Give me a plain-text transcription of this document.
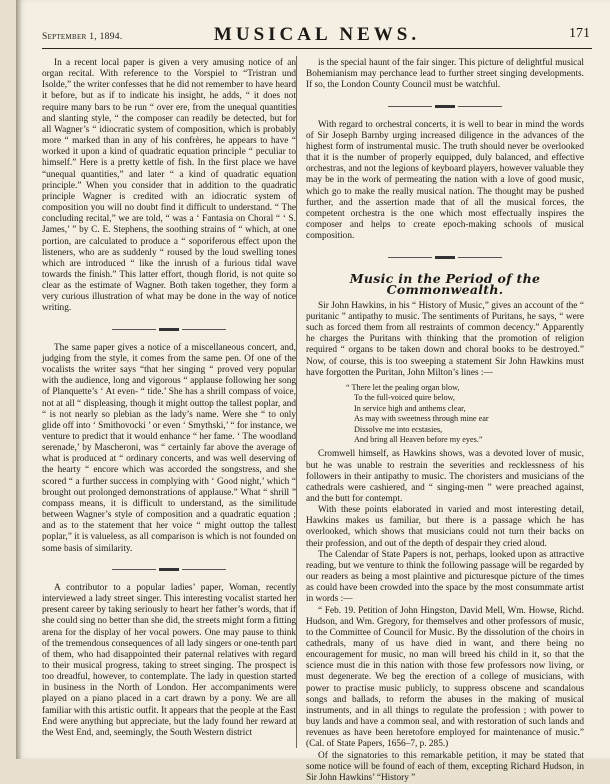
September 1, 1894.	MUSICAL NEWS.	171

In a recent local paper is given a very amusing notice of an organ recital. With reference to the Vorspiel to “Tristran und Isolde,” the writer confesses that he did not remember to have heard it before, but as if to indicate his insight, he adds, “ it does not require many bars to be run “ over ere, from the unequal quantities and slanting style, “ the composer can readily be detected, but for all Wagner’s “ idiocratic system of composition, which is probably more “ marked than in any of his confrères, he appears to have “ worked it upon a kind of quadratic equation principle “ peculiar to himself.” Here is a pretty kettle of fish. In the first place we have “unequal quantities,” and later “ a kind of quadratic equation principle.” When you consider that in addition to the quadratic principle Wagner is credited with an idiocratic system of composition you will no doubt find it difficult to understand. “ The concluding recital,” we are told, “ was a ‘ Fantasia on Choral “ ‘ S. James,’ ” by C. E. Stephens, the soothing strains of “ which, at one portion, are calculated to produce a “ soporiferous effect upon the listeners, who are as suddenly “ roused by the loud swelling tones which are introduced “ like the inrush of a furious tidal wave towards the finish.” This latter effort, though florid, is not quite so clear as the estimate of Wagner. Both taken together, they form a very curious illustration of what may be done in the way of notice writing.

The same paper gives a notice of a miscellaneous concert, and, judging from the style, it comes from the same pen. Of one of the vocalists the writer says “that her singing “ proved very popular with the audience, long and vigorous “ applause following her song of Planquette’s ‘ At even- “ tide.’ She has a shrill compass of voice, not at all “ displeasing, though it might outtop the tallest poplar, and “ is not nearly so plebian as the lady’s name. Were she “ to only glide off into ‘ Smithovocki ’ or even ‘ Smythski,’ “ for instance, we venture to predict that it would enhance “ her fame. ‘ The woodland serenade,’ by Mascheroni, was “ certainly far above the average of what is produced at “ ordinary concerts, and was well deserving of the hearty “ encore which was accorded the songstress, and she scored “ a further success in complying with ‘ Good night,’ which “ brought out prolonged demonstrations of applause.” What “ shrill ” compass means, it is difficult to understand, as the similitude between Wagner’s style of composition and a quadratic equation ; and as to the statement that her voice “ might outtop the tallest poplar,” it is valueless, as all comparison is which is not founded on some basis of similarity.

A contributor to a popular ladies’ paper, Woman, recently interviewed a lady street singer. This interesting vocalist started her present career by taking seriously to heart her father’s words, that if she could sing no better than she did, the streets might form a fitting arena for the display of her vocal powers. One may pause to think of the tremendous consequences of all lady singers or one-tenth part of them, who had disappointed their paternal relatives with regard to their musical progress, taking to street singing. The prospect is too dreadful, however, to contemplate. The lady in question started in business in the North of London. Her accompaniments were played on a piano placed in a cart drawn by a pony. We are all familiar with this artistic outfit. It appears that the people at the East End were anything but appreciate, but the lady found her reward at the West End, and, seemingly, the South Western district

is the special haunt of the fair singer. This picture of delightful musical Bohemianism may perchance lead to further street singing developments. If so, the London County Council must be watchful.

With regard to orchestral concerts, it is well to bear in mind the words of Sir Joseph Barnby urging increased diligence in the advances of the highest form of instrumental music. The truth should never be overlooked that it is the number of properly equipped, duly balanced, and effective orchestras, and not the legions of keyboard players, however valuable they may be in the work of permeating the nation with a love of good music, which go to make the really musical nation. The thought may be pushed further, and the assertion made that of all the musical forces, the competent orchestra is the one which most effectually inspires the composer and helps to create epoch-making schools of musical composition.

Music in the Period of the Commonwealth.

Sir John Hawkins, in his “ History of Music,” gives an account of the “ puritanic ” antipathy to music. The sentiments of Puritans, he says, “ were such as forced them from all restraints of common decency.” Apparently he charges the Puritans with thinking that the promotion of religion required “ organs to be taken down and choral books to be destroyed.” Now, of course, this is too sweeping a statement Sir John Hawkins must have forgotten the Puritan, John Milton’s lines :—

“ There let the pealing organ blow,
To the full-voiced quire below,
In service high and anthems clear,
As may with sweetness through mine ear
Dissolve me into ecstasies,
And bring all Heaven before my eyes.”

Cromwell himself, as Hawkins shows, was a devoted lover of music, but he was unable to restrain the severities and recklessness of his followers in their antipathy to music. The choristers and musicians of the cathedrals were cashiered, and “ singing-men ” were preached against, and the butt for contempt.

With these points elaborated in varied and most interesting detail, Hawkins makes us familiar, but there is a passage which he has overlooked, which shows that musicians could not turn their backs on their profession, and out of the depth of despair they cried aloud.

The Calendar of State Papers is not, perhaps, looked upon as attractive reading, but we venture to think the following passage will be regarded by our readers as being a most plaintive and picturesque picture of the times as could have been crowded into the space by the most consummate artist in words :—

“ Feb. 19. Petition of John Hingston, David Mell, Wm. Howse, Richd. Hudson, and Wm. Gregory, for themselves and other professors of music, to the Committee of Council for Music. By the dissolution of the choirs in cathedrals, many of us have died in want, and there being no encouragement for music, no man will breed his child in it, so that the science must die in this nation with those few professors now living, or must degenerate. We beg the erection of a college of musicians, with power to practise music publicly, to suppress obscene and scandalous songs and ballads, to reform the abuses in the making of musical instruments, and in all things to regulate the profession ; with power to buy lands and have a common seal, and with restoration of such lands and revenues as have been heretofore employed for maintenance of music.” (Cal. of State Papers, 1656–7, p. 285.)

Of the signatories to this remarkable petition, it may be stated that some notice will be found of each of them, excepting Richard Hudson, in Sir John Hawkins’ “History ”
